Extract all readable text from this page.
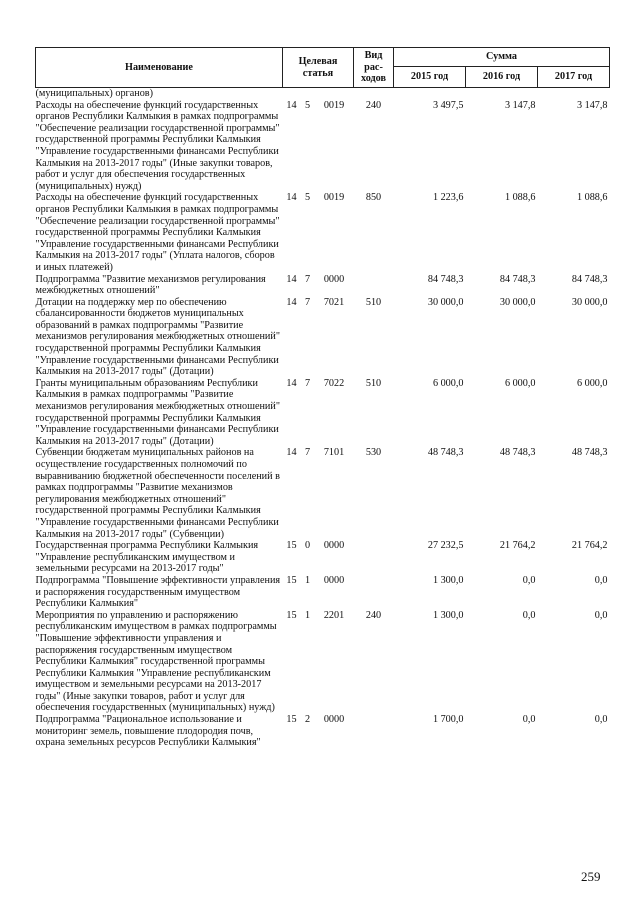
Наименование	Целевая статья			Вид рас-ходов	Сумма		
					2015 год	2016 год	2017 год
(муниципальных) органов)							
Расходы на обеспечение функций государственных органов Республики Калмыкия в рамках подпрограммы "Обеспечение реализации государственной программы" государственной программы Республики Калмыкия "Управление государственными финансами Республики Калмыкия на 2013-2017 годы" (Иные закупки товаров, работ и услуг для обеспечения государственных (муниципальных) нужд)	14	5	0019	240	3 497,5	3 147,8	3 147,8
Расходы на обеспечение функций государственных органов Республики Калмыкия в рамках подпрограммы "Обеспечение реализации государственной программы" государственной программы Республики Калмыкия "Управление государственными финансами Республики Калмыкия на 2013-2017 годы" (Уплата налогов, сборов и иных платежей)	14	5	0019	850	1 223,6	1 088,6	1 088,6
Подпрограмма "Развитие механизмов регулирования межбюджетных отношений"	14	7	0000		84 748,3	84 748,3	84 748,3
Дотации на поддержку мер по обеспечению сбалансированности бюджетов муниципальных образований в рамках подпрограммы "Развитие механизмов регулирования межбюджетных отношений" государственной программы Республики Калмыкия "Управление государственными финансами Республики Калмыкия на 2013-2017 годы" (Дотации)	14	7	7021	510	30 000,0	30 000,0	30 000,0
Гранты муниципальным образованиям Республики Калмыкия в рамках подпрограммы "Развитие механизмов регулирования межбюджетных отношений" государственной программы Республики Калмыкия "Управление государственными финансами Республики Калмыкия на 2013-2017 годы" (Дотации)	14	7	7022	510	6 000,0	6 000,0	6 000,0
Субвенции бюджетам муниципальных районов на осуществление государственных полномочий по выравниванию бюджетной обеспеченности поселений в рамках подпрограммы "Развитие механизмов регулирования межбюджетных отношений" государственной программы Республики Калмыкия "Управление государственными финансами Республики Калмыкия на 2013-2017 годы" (Субвенции)	14	7	7101	530	48 748,3	48 748,3	48 748,3
Государственная программа Республики Калмыкия "Управление республиканским имуществом и земельными ресурсами на 2013-2017 годы"	15	0	0000		27 232,5	21 764,2	21 764,2
Подпрограмма "Повышение эффективности управления и распоряжения государственным имуществом Республики Калмыкия"	15	1	0000		1 300,0	0,0	0,0
Мероприятия по управлению и распоряжению республиканским имуществом в рамках подпрограммы "Повышение эффективности управления и распоряжения государственным имуществом Республики Калмыкия" государственной программы Республики Калмыкия "Управление республиканским имуществом и земельными ресурсами на 2013-2017 годы" (Иные закупки товаров, работ и услуг для обеспечения государственных (муниципальных) нужд)	15	1	2201	240	1 300,0	0,0	0,0
Подпрограмма "Рациональное использование и мониторинг земель, повышение плодородия почв, охрана земельных ресурсов Республики Калмыкия"	15	2	0000		1 700,0	0,0	0,0
259
